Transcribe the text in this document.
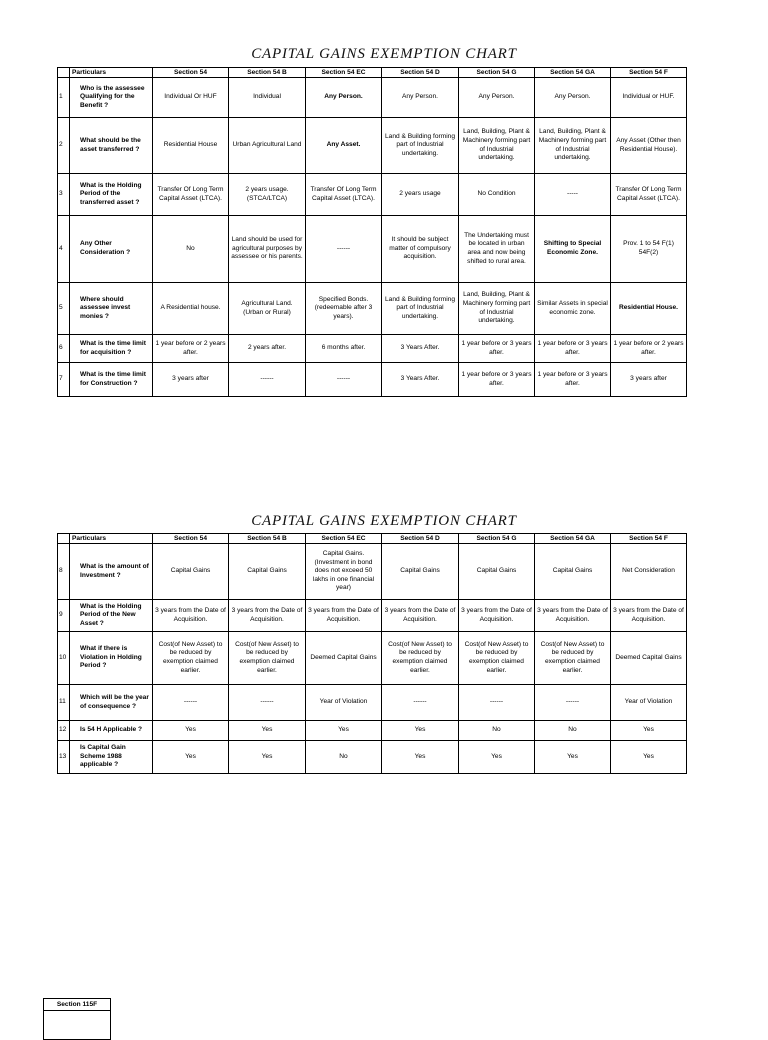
CAPITAL GAINS EXEMPTION CHART
	Particulars	Section 54	Section 54 B	Section 54 EC	Section 54 D	Section 54 G	Section 54 GA	Section 54 F
1	Who is the assessee Qualifying for the Benefit ?	Individual Or HUF	Individual	Any Person.	Any Person.	Any Person.	Any Person.	Individual or HUF.
2	What should be the asset transferred ?	Residential House	Urban Agricultural Land	Any Asset.	Land & Building forming part of Industrial undertaking.	Land, Building, Plant & Machinery forming part of Industrial undertaking.	Land, Building, Plant & Machinery forming part of Industrial undertaking.	Any Asset (Other then Residential House).
3	What is the Holding Period of the transferred asset ?	Transfer Of Long Term Capital Asset (LTCA).	2 years usage. (STCA/LTCA)	Transfer Of Long Term Capital Asset (LTCA).	2 years usage	No Condition	-----	Transfer Of Long Term Capital Asset (LTCA).
4	Any Other Consideration ?	No	Land should be used for agricultural purposes by assessee or his parents.	------	It should be subject matter of compulsory acquisition.	The Undertaking must be located in urban area and now being shifted to rural area.	Shifting to Special Economic Zone.	Prov. 1 to 54 F(1) 54F(2)
5	Where should assessee invest monies ?	A Residential house.	Agricultural Land. (Urban or Rural)	Specified Bonds. (redeemable after 3 years).	Land & Building forming part of Industrial undertaking.	Land, Building, Plant & Machinery forming part of Industrial undertaking.	Similar Assets in special economic zone.	Residential House.
6	What is the time limit for acquisition ?	1 year before or 2 years after.	2 years after.	6 months after.	3 Years After.	1 year before or 3 years after.	1 year before or 3 years after.	1 year before or 2 years after.
7	What is the time limit for Construction ?	3 years after	------	------	3 Years After.	1 year before or 3 years after.	1 year before or 3 years after.	3 years after
CAPITAL GAINS EXEMPTION CHART
	Particulars	Section 54	Section 54 B	Section 54 EC	Section 54 D	Section 54 G	Section 54 GA	Section 54 F
8	What is the amount of Investment ?	Capital Gains	Capital Gains	Capital Gains. (Investment in bond does not exceed 50 lakhs in one financial year)	Capital Gains	Capital Gains	Capital Gains	Net Consideration
9	What is the Holding Period of the New Asset ?	3 years from the Date of Acquisition.	3 years from the Date of Acquisition.	3 years from the Date of Acquisition.	3 years from the Date of Acquisition.	3 years from the Date of Acquisition.	3 years from the Date of Acquisition.	3 years from the Date of Acquisition.
10	What if there is Violation in Holding Period ?	Cost(of New Asset) to be reduced by exemption claimed earlier.	Cost(of New Asset) to be reduced by exemption claimed earlier.	Deemed Capital Gains	Cost(of New Asset) to be reduced by exemption claimed earlier.	Cost(of New Asset) to be reduced by exemption claimed earlier.	Cost(of New Asset) to be reduced by exemption claimed earlier.	Deemed Capital Gains
11	Which will be the year of consequence ?	------	------	Year of Violation	------	------	------	Year of Violation
12	Is 54 H Applicable ?	Yes	Yes	Yes	Yes	No	No	Yes
13	Is Capital Gain Scheme 1988 applicable ?	Yes	Yes	No	Yes	Yes	Yes	Yes
Section 115F
